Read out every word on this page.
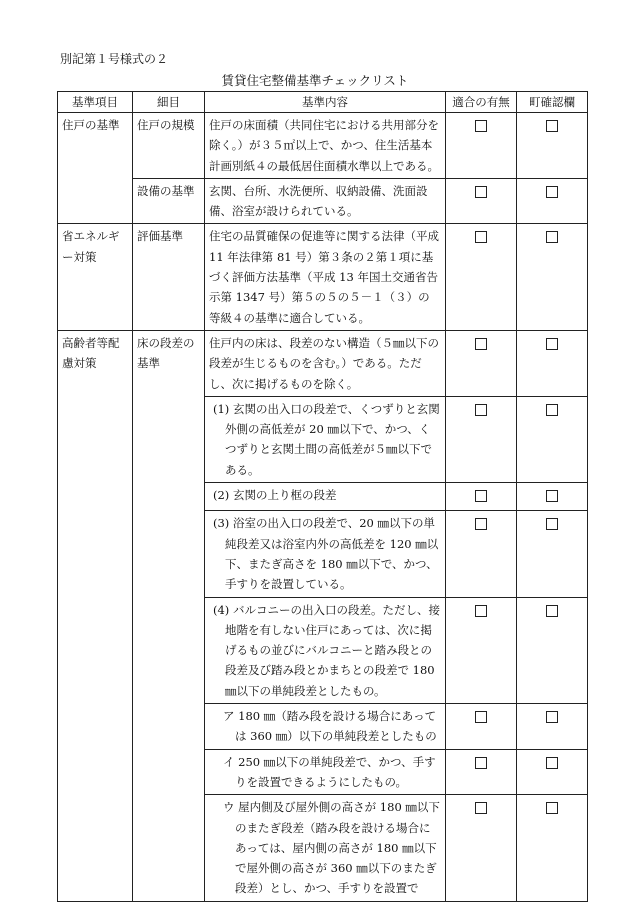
別記第１号様式の２
賃貸住宅整備基準チェックリスト
基準項目	細目	基準内容	適合の有無	町確認欄
住戸の基準	住戸の規模	住戸の床面積（共同住宅における共用部分を除く。）が３５㎡以上で、かつ、住生活基本計画別紙４の最低居住面積水準以上である。		
	設備の基準	玄関、台所、水洗便所、収納設備、洗面設備、浴室が設けられている。		
省エネルギー対策	評価基準	住宅の品質確保の促進等に関する法律（平成 11 年法律第 81 号）第３条の２第１項に基づく評価方法基準（平成 13 年国土交通省告示第 1347 号）第５の５の５－１（３）の等級４の基準に適合している。		
高齢者等配慮対策	床の段差の基準	住戸内の床は、段差のない構造（５㎜以下の段差が生じるものを含む。）である。ただし、次に掲げるものを除く。		
		(1) 玄関の出入口の段差で、くつずりと玄関外側の高低差が 20 ㎜以下で、かつ、くつずりと玄関土間の高低差が５㎜以下である。		
		(2) 玄関の上り框の段差		
		(3) 浴室の出入口の段差で、20 ㎜以下の単純段差又は浴室内外の高低差を 120 ㎜以下、またぎ高さを 180 ㎜以下で、かつ、手すりを設置している。		
		(4) バルコニーの出入口の段差。ただし、接地階を有しない住戸にあっては、次に掲げるもの並びにバルコニーと踏み段との段差及び踏み段とかまちとの段差で 180 ㎜以下の単純段差としたもの。		
		ア 180 ㎜（踏み段を設ける場合にあっては 360 ㎜）以下の単純段差としたもの		
		イ 250 ㎜以下の単純段差で、かつ、手すりを設置できるようにしたもの。		
		ウ 屋内側及び屋外側の高さが 180 ㎜以下のまたぎ段差（踏み段を設ける場合にあっては、屋内側の高さが 180 ㎜以下で屋外側の高さが 360 ㎜以下のまたぎ段差）とし、かつ、手すりを設置で		
